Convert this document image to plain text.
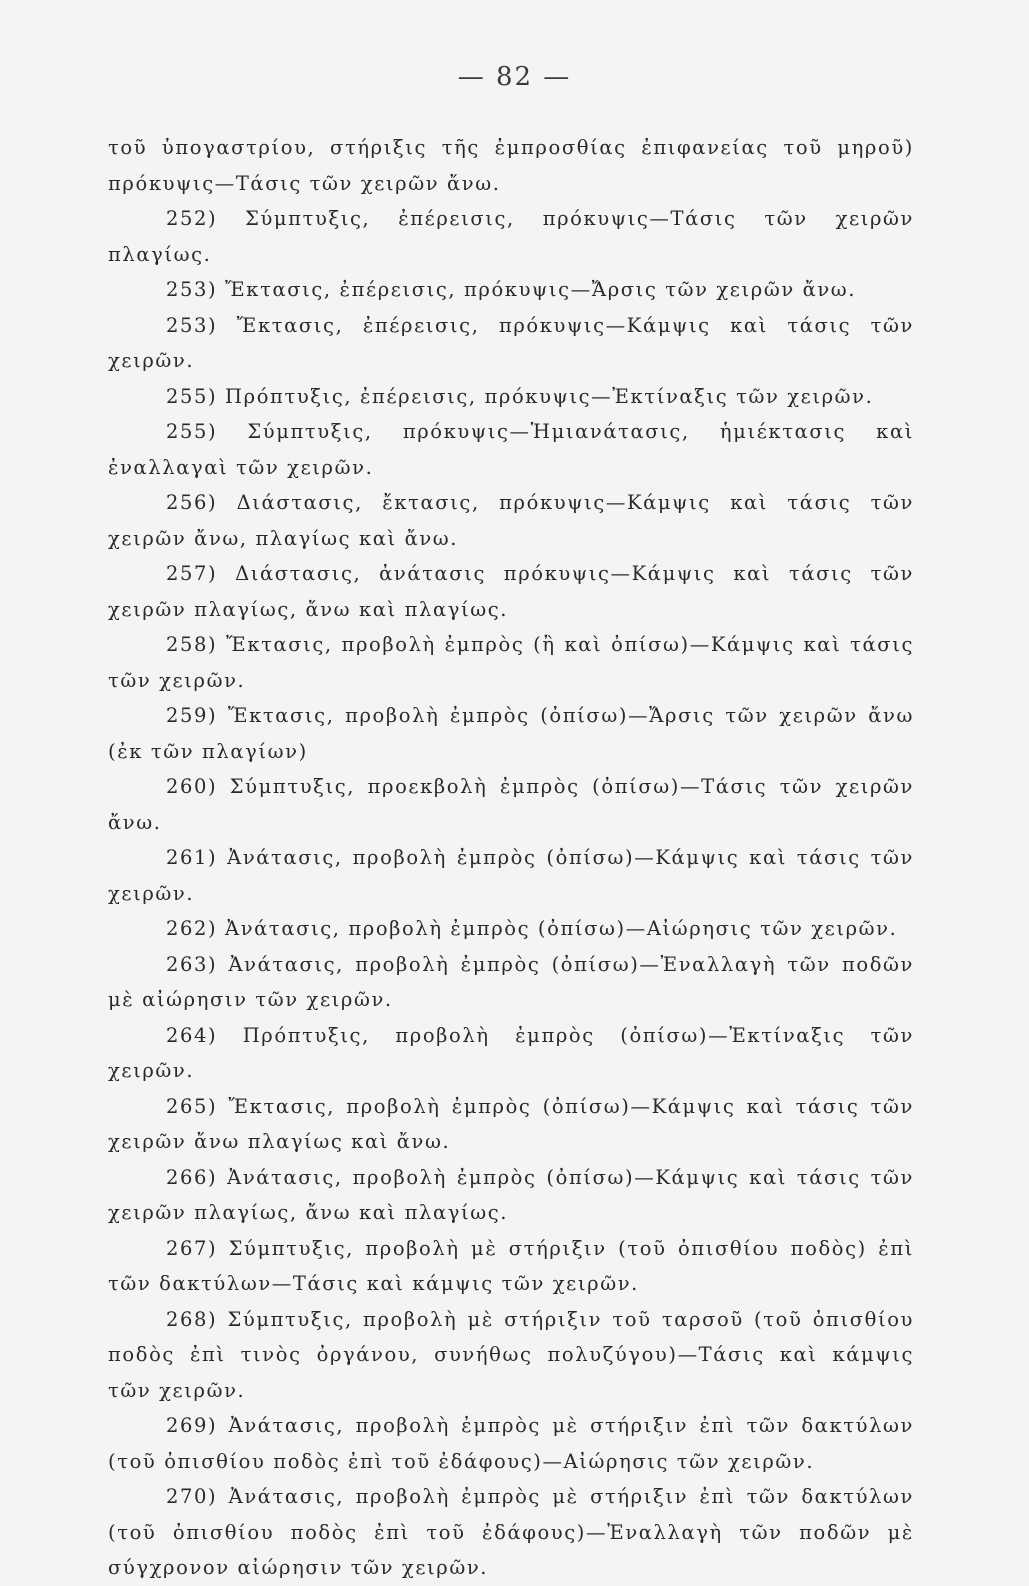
— 82 —

τοῦ ὑπογαστρίου, στήριξις τῆς ἐμπροσθίας ἐπιφανείας τοῦ μηροῦ) πρόκυψις—Τάσις τῶν χειρῶν ἄνω.

252) Σύμπτυξις, ἐπέρεισις, πρόκυψις—Τάσις τῶν χειρῶν πλαγίως.

253) Ἔκτασις, ἐπέρεισις, πρόκυψις—Ἄρσις τῶν χειρῶν ἄνω.

253) Ἔκτασις, ἐπέρεισις, πρόκυψις—Κάμψις καὶ τάσις τῶν χειρῶν.

255) Πρόπτυξις, ἐπέρεισις, πρόκυψις—Ἐκτίναξις τῶν χειρῶν.

255) Σύμπτυξις, πρόκυψις—Ἡμιανάτασις, ἡμιέκτασις καὶ ἐναλλαγαὶ τῶν χειρῶν.

256) Διάστασις, ἔκτασις, πρόκυψις—Κάμψις καὶ τάσις τῶν χειρῶν ἄνω, πλαγίως καὶ ἄνω.

257) Διάστασις, ἀνάτασις πρόκυψις—Κάμψις καὶ τάσις τῶν χειρῶν πλαγίως, ἄνω καὶ πλαγίως.

258) Ἔκτασις, προβολὴ ἐμπρὸς (ἢ καὶ ὀπίσω)—Κάμψις καὶ τάσις τῶν χειρῶν.

259) Ἔκτασις, προβολὴ ἐμπρὸς (ὀπίσω)—Ἄρσις τῶν χειρῶν ἄνω (ἐκ τῶν πλαγίων)

260) Σύμπτυξις, προεκβολὴ ἐμπρὸς (ὀπίσω)—Τάσις τῶν χειρῶν ἄνω.

261) Ἀνάτασις, προβολὴ ἐμπρὸς (ὀπίσω)—Κάμψις καὶ τάσις τῶν χειρῶν.

262) Ἀνάτασις, προβολὴ ἐμπρὸς (ὀπίσω)—Αἰώρησις τῶν χειρῶν.

263) Ἀνάτασις, προβολὴ ἐμπρὸς (ὀπίσω)—Ἐναλλαγὴ τῶν ποδῶν μὲ αἰώρησιν τῶν χειρῶν.

264) Πρόπτυξις, προβολὴ ἐμπρὸς (ὀπίσω)—Ἐκτίναξις τῶν χειρῶν.

265) Ἔκτασις, προβολὴ ἐμπρὸς (ὀπίσω)—Κάμψις καὶ τάσις τῶν χειρῶν ἄνω πλαγίως καὶ ἄνω.

266) Ἀνάτασις, προβολὴ ἐμπρὸς (ὀπίσω)—Κάμψις καὶ τάσις τῶν χειρῶν πλαγίως, ἄνω καὶ πλαγίως.

267) Σύμπτυξις, προβολὴ μὲ στήριξιν (τοῦ ὀπισθίου ποδὸς) ἐπὶ τῶν δακτύλων—Τάσις καὶ κάμψις τῶν χειρῶν.

268) Σύμπτυξις, προβολὴ μὲ στήριξιν τοῦ ταρσοῦ (τοῦ ὀπισθίου ποδὸς ἐπὶ τινὸς ὀργάνου, συνήθως πολυζύγου)—Τάσις καὶ κάμψις τῶν χειρῶν.

269) Ἀνάτασις, προβολὴ ἐμπρὸς μὲ στήριξιν ἐπὶ τῶν δακτύλων (τοῦ ὀπισθίου ποδὸς ἐπὶ τοῦ ἐδάφους)—Αἰώρησις τῶν χειρῶν.

270) Ἀνάτασις, προβολὴ ἐμπρὸς μὲ στήριξιν ἐπὶ τῶν δακτύλων (τοῦ ὀπισθίου ποδὸς ἐπὶ τοῦ ἐδάφους)—Ἐναλλαγὴ τῶν ποδῶν μὲ σύγχρονον αἰώρησιν τῶν χειρῶν.
